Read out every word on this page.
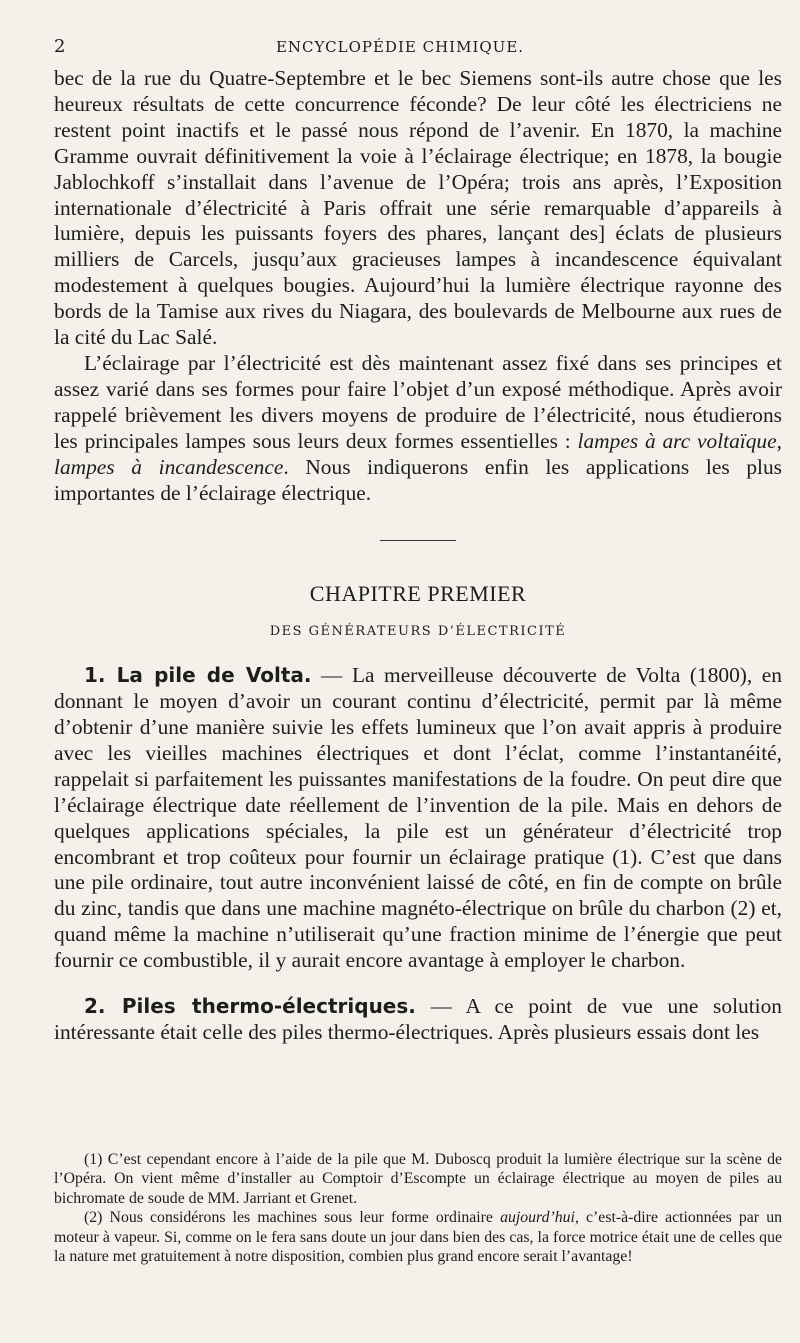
2	ENCYCLOPÉDIE CHIMIQUE.

bec de la rue du Quatre-Septembre et le bec Siemens sont-ils autre chose que les heureux résultats de cette concurrence féconde? De leur côté les électriciens ne restent point inactifs et le passé nous répond de l’avenir. En 1870, la machine Gramme ouvrait définitivement la voie à l’éclairage électrique; en 1878, la bougie Jablochkoff s’installait dans l’avenue de l’Opéra; trois ans après, l’Exposition internationale d’électricité à Paris offrait une série remarquable d’appareils à lumière, depuis les puissants foyers des phares, lançant des] éclats de plusieurs milliers de Carcels, jusqu’aux gracieuses lampes à incandescence équivalant modestement à quelques bougies. Aujourd’hui la lumière électrique rayonne des bords de la Tamise aux rives du Niagara, des boulevards de Melbourne aux rues de la cité du Lac Salé.

L’éclairage par l’électricité est dès maintenant assez fixé dans ses principes et assez varié dans ses formes pour faire l’objet d’un exposé méthodique. Après avoir rappelé brièvement les divers moyens de produire de l’électricité, nous étudierons les principales lampes sous leurs deux formes essentielles : lampes à arc voltaïque, lampes à incandescence. Nous indiquerons enfin les applications les plus importantes de l’éclairage électrique.

CHAPITRE PREMIER
DES GÉNÉRATEURS D’ÉLECTRICITÉ

1. La pile de Volta. — La merveilleuse découverte de Volta (1800), en donnant le moyen d’avoir un courant continu d’électricité, permit par là même d’obtenir d’une manière suivie les effets lumineux que l’on avait appris à produire avec les vieilles machines électriques et dont l’éclat, comme l’instantanéité, rappelait si parfaitement les puissantes manifestations de la foudre. On peut dire que l’éclairage électrique date réellement de l’invention de la pile. Mais en dehors de quelques applications spéciales, la pile est un générateur d’électricité trop encombrant et trop coûteux pour fournir un éclairage pratique (1). C’est que dans une pile ordinaire, tout autre inconvénient laissé de côté, en fin de compte on brûle du zinc, tandis que dans une machine magnéto-électrique on brûle du charbon (2) et, quand même la machine n’utiliserait qu’une fraction minime de l’énergie que peut fournir ce combustible, il y aurait encore avantage à employer le charbon.

2. Piles thermo-électriques. — A ce point de vue une solution intéressante était celle des piles thermo-électriques. Après plusieurs essais dont les

(1) C’est cependant encore à l’aide de la pile que M. Duboscq produit la lumière électrique sur la scène de l’Opéra. On vient même d’installer au Comptoir d’Escompte un éclairage électrique au moyen de piles au bichromate de soude de MM. Jarriant et Grenet.

(2) Nous considérons les machines sous leur forme ordinaire aujourd’hui, c’est-à-dire actionnées par un moteur à vapeur. Si, comme on le fera sans doute un jour dans bien des cas, la force motrice était une de celles que la nature met gratuitement à notre disposition, combien plus grand encore serait l’avantage!
